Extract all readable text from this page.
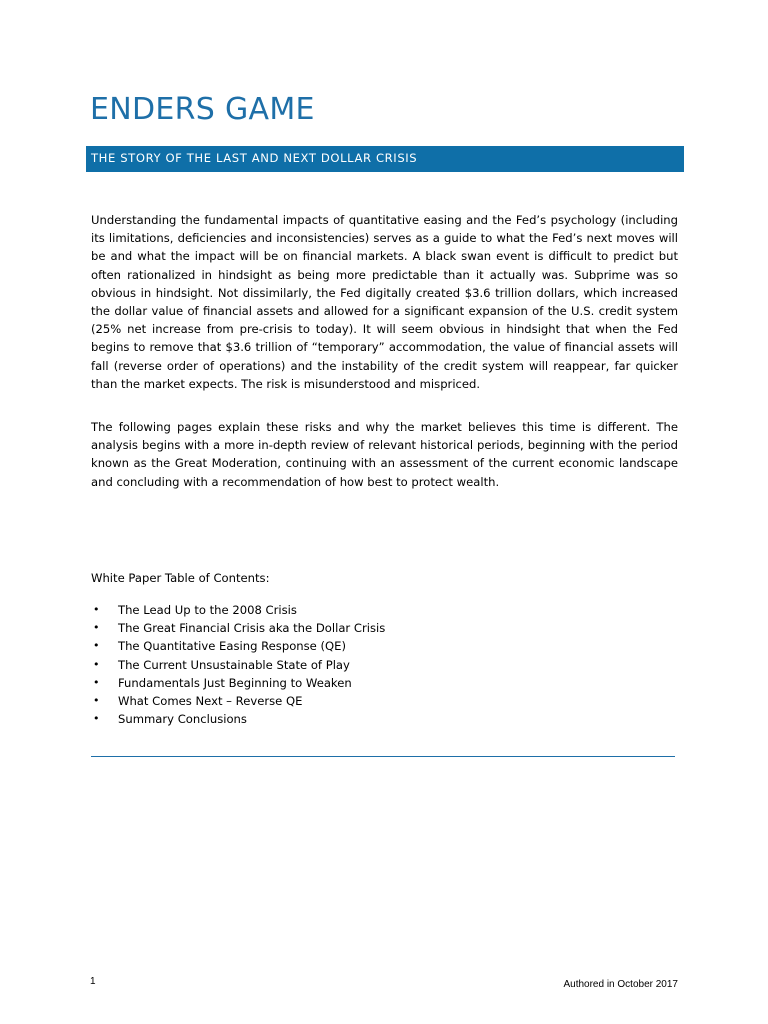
ENDERS GAME
THE STORY OF THE LAST AND NEXT DOLLAR CRISIS

Understanding the fundamental impacts of quantitative easing and the Fed’s psychology (including its limitations, deficiencies and inconsistencies) serves as a guide to what the Fed’s next moves will be and what the impact will be on financial markets. A black swan event is difficult to predict but often rationalized in hindsight as being more predictable than it actually was. Subprime was so obvious in hindsight. Not dissimilarly, the Fed digitally created $3.6 trillion dollars, which increased the dollar value of financial assets and allowed for a significant expansion of the U.S. credit system (25% net increase from pre-crisis to today). It will seem obvious in hindsight that when the Fed begins to remove that $3.6 trillion of “temporary” accommodation, the value of financial assets will fall (reverse order of operations) and the instability of the credit system will reappear, far quicker than the market expects. The risk is misunderstood and mispriced.

The following pages explain these risks and why the market believes this time is different. The analysis begins with a more in-depth review of relevant historical periods, beginning with the period known as the Great Moderation, continuing with an assessment of the current economic landscape and concluding with a recommendation of how best to protect wealth.

White Paper Table of Contents:

• The Lead Up to the 2008 Crisis
• The Great Financial Crisis aka the Dollar Crisis
• The Quantitative Easing Response (QE)
• The Current Unsustainable State of Play
• Fundamentals Just Beginning to Weaken
• What Comes Next – Reverse QE
• Summary Conclusions
1	Authored in October 2017
